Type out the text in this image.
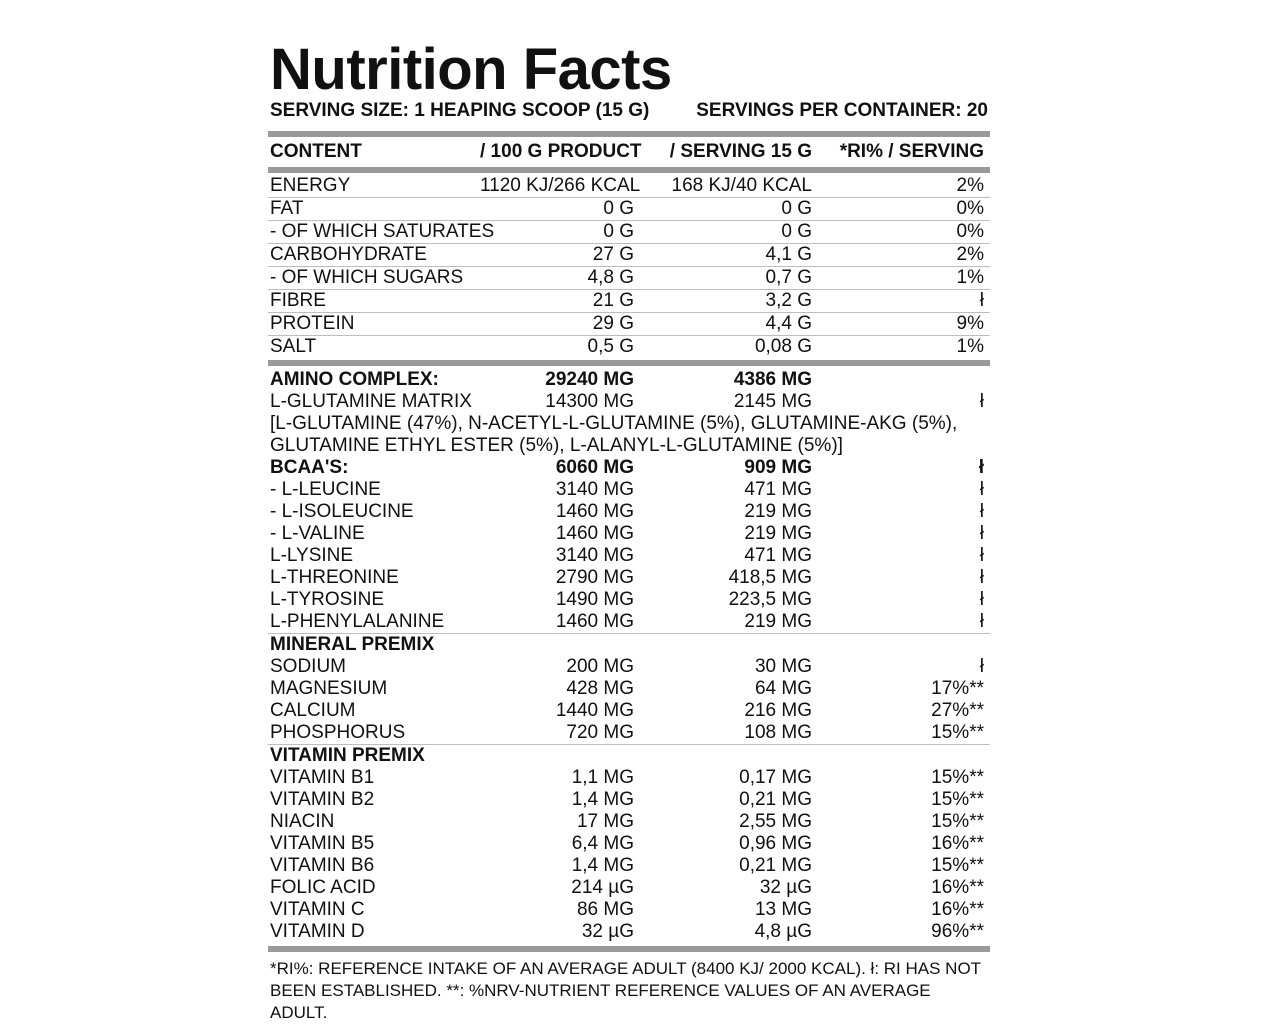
Nutrition Facts
SERVING SIZE: 1 HEAPING SCOOP (15 G) SERVINGS PER CONTAINER: 20
CONTENT	/ 100 G PRODUCT	/ SERVING 15 G	*RI% / SERVING
ENERGY	1120 KJ/266 KCAL	168 KJ/40 KCAL	2%
FAT	0 G	0 G	0%
- OF WHICH SATURATES	0 G	0 G	0%
CARBOHYDRATE	27 G	4,1 G	2%
- OF WHICH SUGARS	4,8 G	0,7 G	1%
FIBRE	21 G	3,2 G	ł
PROTEIN	29 G	4,4 G	9%
SALT	0,5 G	0,08 G	1%
AMINO COMPLEX:	29240 MG	4386 MG
L-GLUTAMINE MATRIX	14300 MG	2145 MG	ł
[L-GLUTAMINE (47%), N-ACETYL-L-GLUTAMINE (5%), GLUTAMINE-AKG (5%),
GLUTAMINE ETHYL ESTER (5%), L-ALANYL-L-GLUTAMINE (5%)]
BCAA'S:	6060 MG	909 MG	ł
- L-LEUCINE	3140 MG	471 MG	ł
- L-ISOLEUCINE	1460 MG	219 MG	ł
- L-VALINE	1460 MG	219 MG	ł
L-LYSINE	3140 MG	471 MG	ł
L-THREONINE	2790 MG	418,5 MG	ł
L-TYROSINE	1490 MG	223,5 MG	ł
L-PHENYLALANINE	1460 MG	219 MG	ł
MINERAL PREMIX
SODIUM	200 MG	30 MG	ł
MAGNESIUM	428 MG	64 MG	17%**
CALCIUM	1440 MG	216 MG	27%**
PHOSPHORUS	720 MG	108 MG	15%**
VITAMIN PREMIX
VITAMIN B1	1,1 MG	0,17 MG	15%**
VITAMIN B2	1,4 MG	0,21 MG	15%**
NIACIN	17 MG	2,55 MG	15%**
VITAMIN B5	6,4 MG	0,96 MG	16%**
VITAMIN B6	1,4 MG	0,21 MG	15%**
FOLIC ACID	214 µG	32 µG	16%**
VITAMIN C	86 MG	13 MG	16%**
VITAMIN D	32 µG	4,8 µG	96%**
*RI%: REFERENCE INTAKE OF AN AVERAGE ADULT (8400 KJ/ 2000 KCAL). ł: RI HAS NOT
BEEN ESTABLISHED. **: %NRV-NUTRIENT REFERENCE VALUES OF AN AVERAGE ADULT.
